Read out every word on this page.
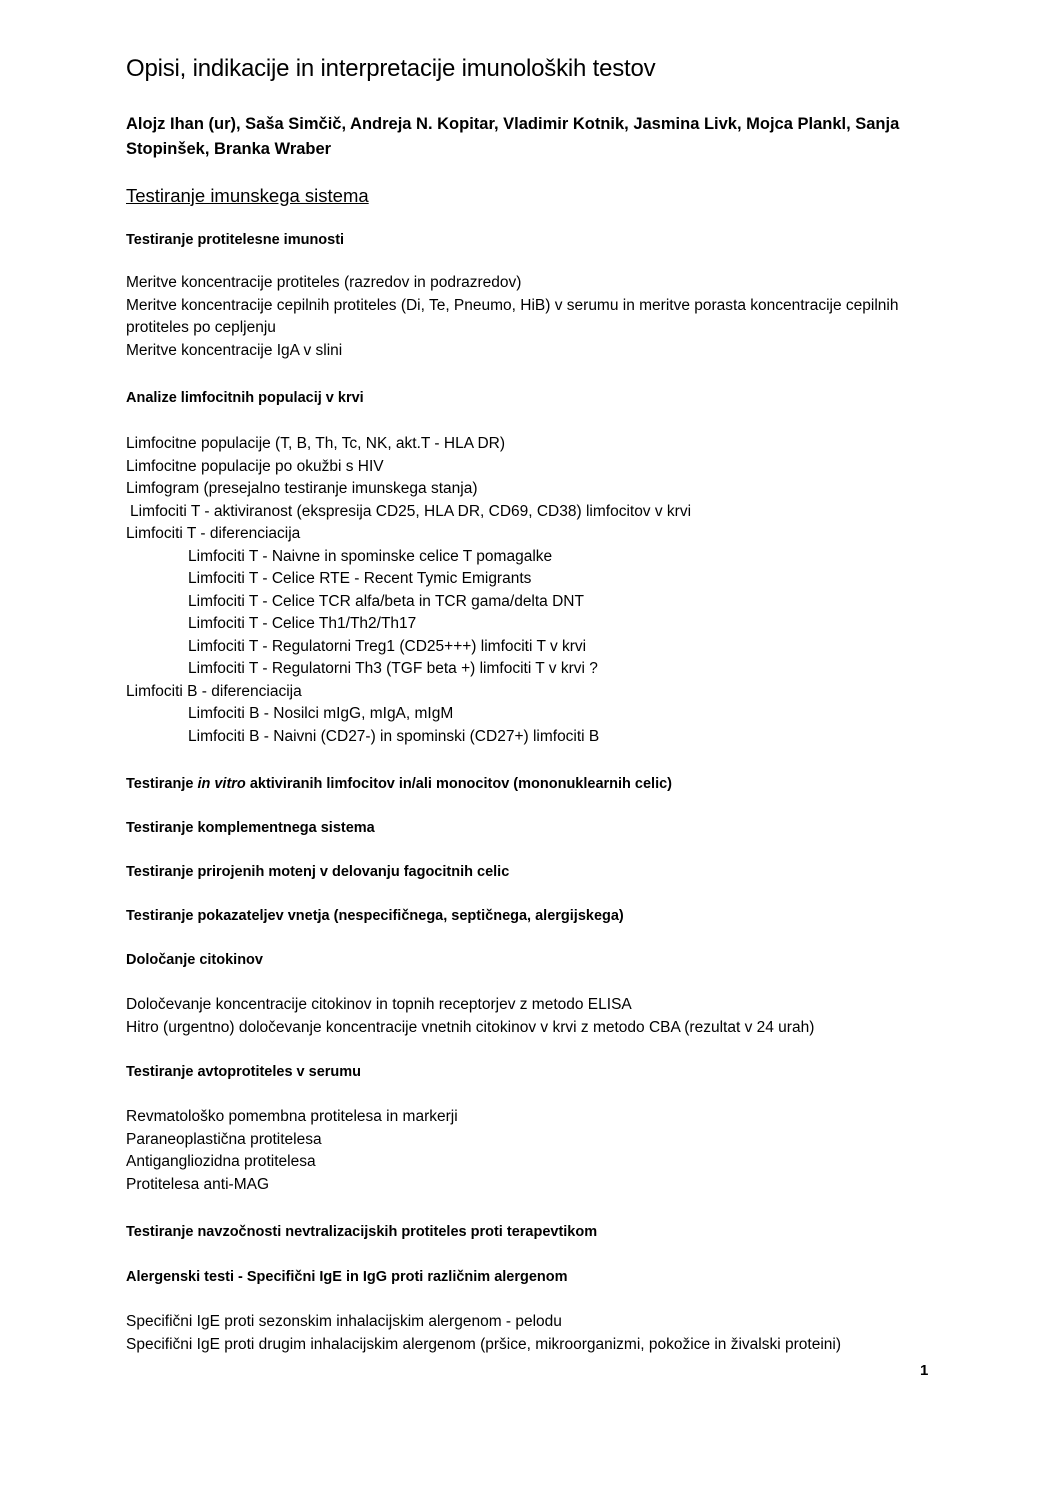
Opisi, indikacije in interpretacije imunoloških testov
Alojz Ihan (ur), Saša Simčič, Andreja N. Kopitar, Vladimir Kotnik, Jasmina Livk, Mojca Plankl, Sanja Stopinšek, Branka Wraber
Testiranje imunskega sistema
Testiranje protitelesne imunosti
Meritve koncentracije protiteles (razredov in podrazredov)
Meritve koncentracije cepilnih protiteles (Di, Te, Pneumo, HiB) v serumu in meritve porasta koncentracije cepilnih protiteles po cepljenju
Meritve koncentracije IgA v slini
Analize limfocitnih populacij v krvi
Limfocitne populacije (T, B, Th, Tc, NK, akt.T - HLA DR)
Limfocitne populacije po okužbi s HIV
Limfogram (presejalno testiranje imunskega stanja)
Limfociti T - aktiviranost (ekspresija CD25, HLA DR, CD69, CD38) limfocitov v krvi
Limfociti T - diferenciacija
Limfociti T - Naivne in spominske celice T pomagalke
Limfociti T - Celice RTE - Recent Tymic Emigrants
Limfociti T - Celice TCR alfa/beta in TCR gama/delta DNT
Limfociti T - Celice Th1/Th2/Th17
Limfociti T - Regulatorni Treg1 (CD25+++) limfociti T v krvi
Limfociti T - Regulatorni Th3 (TGF beta +) limfociti T v krvi ?
Limfociti B - diferenciacija
Limfociti B - Nosilci mIgG, mIgA, mIgM
Limfociti B - Naivni (CD27-) in spominski (CD27+) limfociti B
Testiranje in vitro aktiviranih limfocitov in/ali monocitov (mononuklearnih celic)
Testiranje komplementnega sistema
Testiranje prirojenih motenj v delovanju fagocitnih celic
Testiranje pokazateljev vnetja (nespecifičnega, septičnega, alergijskega)
Določanje citokinov
Določevanje koncentracije citokinov in topnih receptorjev z metodo ELISA
Hitro (urgentno) določevanje koncentracije vnetnih citokinov v krvi z metodo CBA (rezultat v 24 urah)
Testiranje avtoprotiteles v serumu
Revmatološko pomembna protitelesa in markerji
Paraneoplastična protitelesa
Antigangliozidna protitelesa
Protitelesa anti-MAG
Testiranje navzočnosti nevtralizacijskih protiteles proti terapevtikom
Alergenski testi - Specifični IgE in IgG proti različnim alergenom
Specifični IgE proti sezonskim inhalacijskim alergenom - pelodu
Specifični IgE proti drugim inhalacijskim alergenom (pršice, mikroorganizmi, pokožice in živalski proteini)
1
